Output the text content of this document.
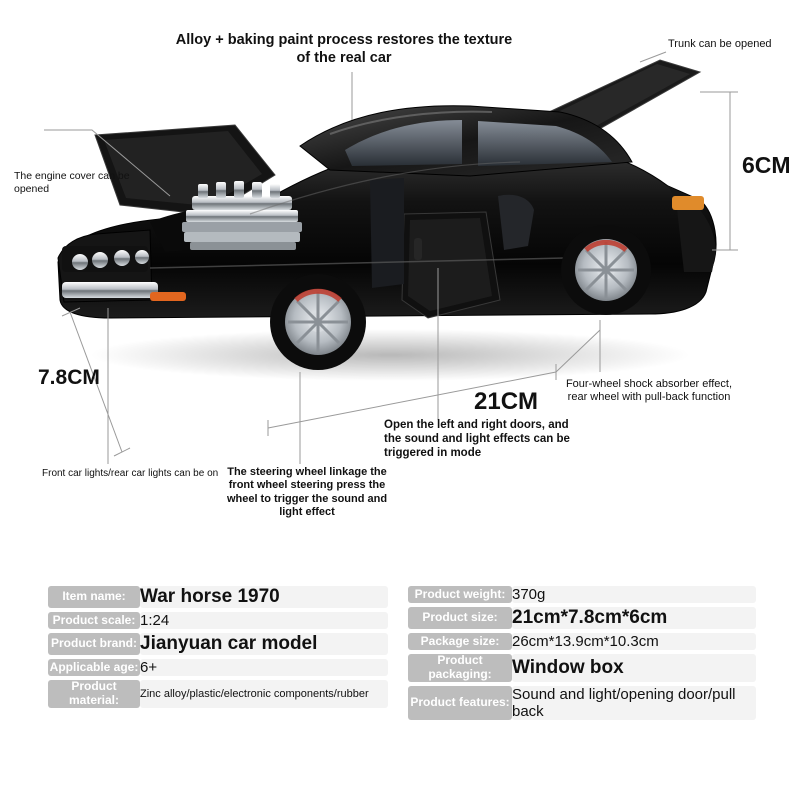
Alloy + baking paint process restores the texture of the real car
Trunk can be opened
The engine cover can be opened
Four-wheel shock absorber effect, rear wheel with pull-back function
Open the left and right doors, and the sound and light effects can be triggered in mode
The steering wheel linkage the front wheel steering press the wheel to trigger the sound and light effect
Front car lights/rear car lights can be on
6CM
7.8CM
21CM
Item name:	War horse 1970
Product scale:	1:24
Product brand:	Jianyuan car model
Applicable age:	6+
Product material:	Zinc alloy/plastic/electronic components/rubber
Product weight:	370g
Product size:	21cm*7.8cm*6cm
Package size:	26cm*13.9cm*10.3cm
Product packaging:	Window box
Product features:	Sound and light/opening door/pull back
